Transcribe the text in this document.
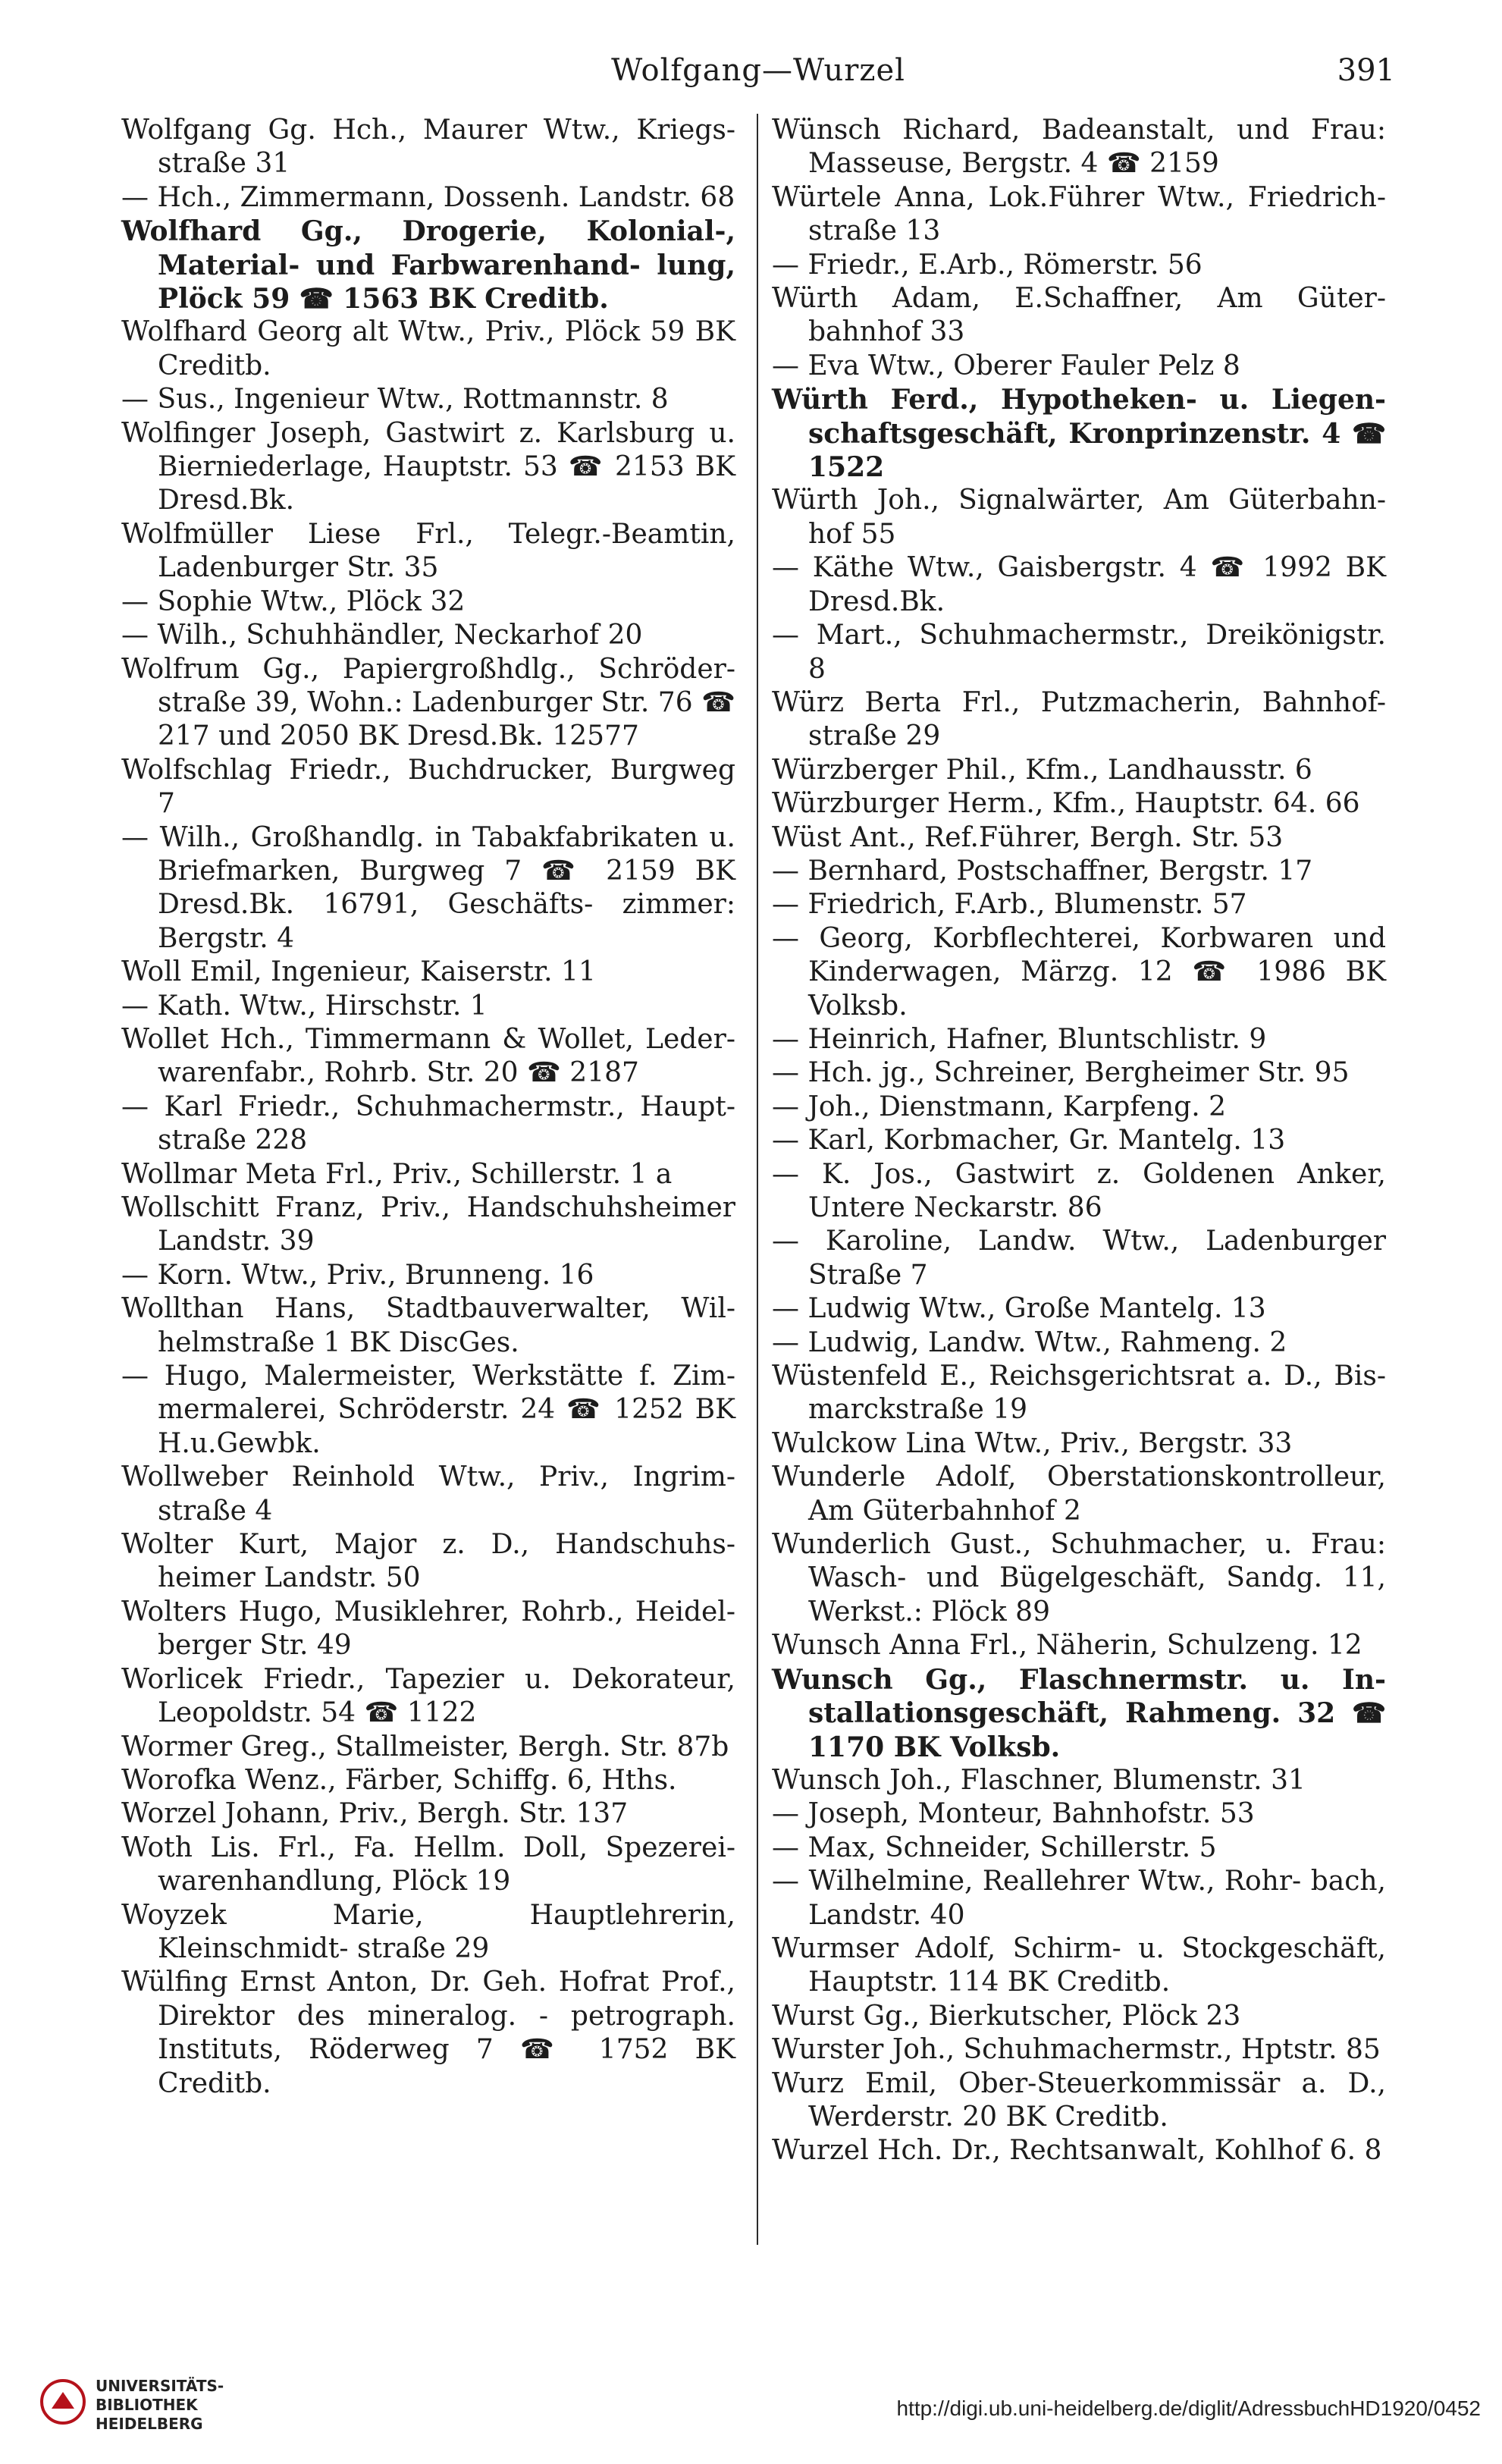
Wolfgang—Wurzel	391
Wolfgang Gg. Hch., Maurer Wtw., Kriegs- straße 31
— Hch., Zimmermann, Dossenh. Landstr. 68
Wolfhard Gg., Drogerie, Kolonial-, Material- und Farbwarenhand- lung, Plöck 59 ☎ 1563 BK Creditb.
Wolfhard Georg alt Wtw., Priv., Plöck 59 BK Creditb.
— Sus., Ingenieur Wtw., Rottmannstr. 8
Wolfinger Joseph, Gastwirt z. Karlsburg u. Bierniederlage, Hauptstr. 53 ☎ 2153 BK Dresd.Bk.
Wolfmüller Liese Frl., Telegr.-Beamtin, Ladenburger Str. 35
— Sophie Wtw., Plöck 32
— Wilh., Schuhhändler, Neckarhof 20
Wolfrum Gg., Papiergroßhdlg., Schröder- straße 39, Wohn.: Ladenburger Str. 76 ☎ 217 und 2050 BK Dresd.Bk. 12577
Wolfschlag Friedr., Buchdrucker, Burgweg 7
— Wilh., Großhandlg. in Tabakfabrikaten u. Briefmarken, Burgweg 7 ☎ 2159 BK Dresd.Bk. 16791, Geschäfts- zimmer: Bergstr. 4
Woll Emil, Ingenieur, Kaiserstr. 11
— Kath. Wtw., Hirschstr. 1
Wollet Hch., Timmermann & Wollet, Leder- warenfabr., Rohrb. Str. 20 ☎ 2187
— Karl Friedr., Schuhmachermstr., Haupt- straße 228
Wollmar Meta Frl., Priv., Schillerstr. 1 a
Wollschitt Franz, Priv., Handschuhsheimer Landstr. 39
— Korn. Wtw., Priv., Brunneng. 16
Wollthan Hans, Stadtbauverwalter, Wil- helmstraße 1 BK DiscGes.
— Hugo, Malermeister, Werkstätte f. Zim- mermalerei, Schröderstr. 24 ☎ 1252 BK H.u.Gewbk.
Wollweber Reinhold Wtw., Priv., Ingrim- straße 4
Wolter Kurt, Major z. D., Handschuhs- heimer Landstr. 50
Wolters Hugo, Musiklehrer, Rohrb., Heidel- berger Str. 49
Worlicek Friedr., Tapezier u. Dekorateur, Leopoldstr. 54 ☎ 1122
Wormer Greg., Stallmeister, Bergh. Str. 87b
Worofka Wenz., Färber, Schiffg. 6, Hths.
Worzel Johann, Priv., Bergh. Str. 137
Woth Lis. Frl., Fa. Hellm. Doll, Spezerei- warenhandlung, Plöck 19
Woyzek Marie, Hauptlehrerin, Kleinschmidt- straße 29
Wülfing Ernst Anton, Dr. Geh. Hofrat Prof., Direktor des mineralog. - petrograph. Instituts, Röderweg 7 ☎ 1752 BK Creditb.
Wünsch Richard, Badeanstalt, und Frau: Masseuse, Bergstr. 4 ☎ 2159
Würtele Anna, Lok.Führer Wtw., Friedrich- straße 13
— Friedr., E.Arb., Römerstr. 56
Würth Adam, E.Schaffner, Am Güter- bahnhof 33
— Eva Wtw., Oberer Fauler Pelz 8
Würth Ferd., Hypotheken- u. Liegen- schaftsgeschäft, Kronprinzenstr. 4 ☎ 1522
Würth Joh., Signalwärter, Am Güterbahn- hof 55
— Käthe Wtw., Gaisbergstr. 4 ☎ 1992 BK Dresd.Bk.
— Mart., Schuhmachermstr., Dreikönigstr. 8
Würz Berta Frl., Putzmacherin, Bahnhof- straße 29
Würzberger Phil., Kfm., Landhausstr. 6
Würzburger Herm., Kfm., Hauptstr. 64. 66
Wüst Ant., Ref.Führer, Bergh. Str. 53
— Bernhard, Postschaffner, Bergstr. 17
— Friedrich, F.Arb., Blumenstr. 57
— Georg, Korbflechterei, Korbwaren und Kinderwagen, Märzg. 12 ☎ 1986 BK Volksb.
— Heinrich, Hafner, Bluntschlistr. 9
— Hch. jg., Schreiner, Bergheimer Str. 95
— Joh., Dienstmann, Karpfeng. 2
— Karl, Korbmacher, Gr. Mantelg. 13
— K. Jos., Gastwirt z. Goldenen Anker, Untere Neckarstr. 86
— Karoline, Landw. Wtw., Ladenburger Straße 7
— Ludwig Wtw., Große Mantelg. 13
— Ludwig, Landw. Wtw., Rahmeng. 2
Wüstenfeld E., Reichsgerichtsrat a. D., Bis- marckstraße 19
Wulckow Lina Wtw., Priv., Bergstr. 33
Wunderle Adolf, Oberstationskontrolleur, Am Güterbahnhof 2
Wunderlich Gust., Schuhmacher, u. Frau: Wasch- und Bügelgeschäft, Sandg. 11, Werkst.: Plöck 89
Wunsch Anna Frl., Näherin, Schulzeng. 12
Wunsch Gg., Flaschnermstr. u. In- stallationsgeschäft, Rahmeng. 32 ☎ 1170 BK Volksb.
Wunsch Joh., Flaschner, Blumenstr. 31
— Joseph, Monteur, Bahnhofstr. 53
— Max, Schneider, Schillerstr. 5
— Wilhelmine, Reallehrer Wtw., Rohr- bach, Landstr. 40
Wurmser Adolf, Schirm- u. Stockgeschäft, Hauptstr. 114 BK Creditb.
Wurst Gg., Bierkutscher, Plöck 23
Wurster Joh., Schuhmachermstr., Hptstr. 85
Wurz Emil, Ober-Steuerkommissär a. D., Werderstr. 20 BK Creditb.
Wurzel Hch. Dr., Rechtsanwalt, Kohlhof 6. 8
UNIVERSITÄTS-
BIBLIOTHEK
HEIDELBERG
http://digi.ub.uni-heidelberg.de/diglit/AdressbuchHD1920/0452
